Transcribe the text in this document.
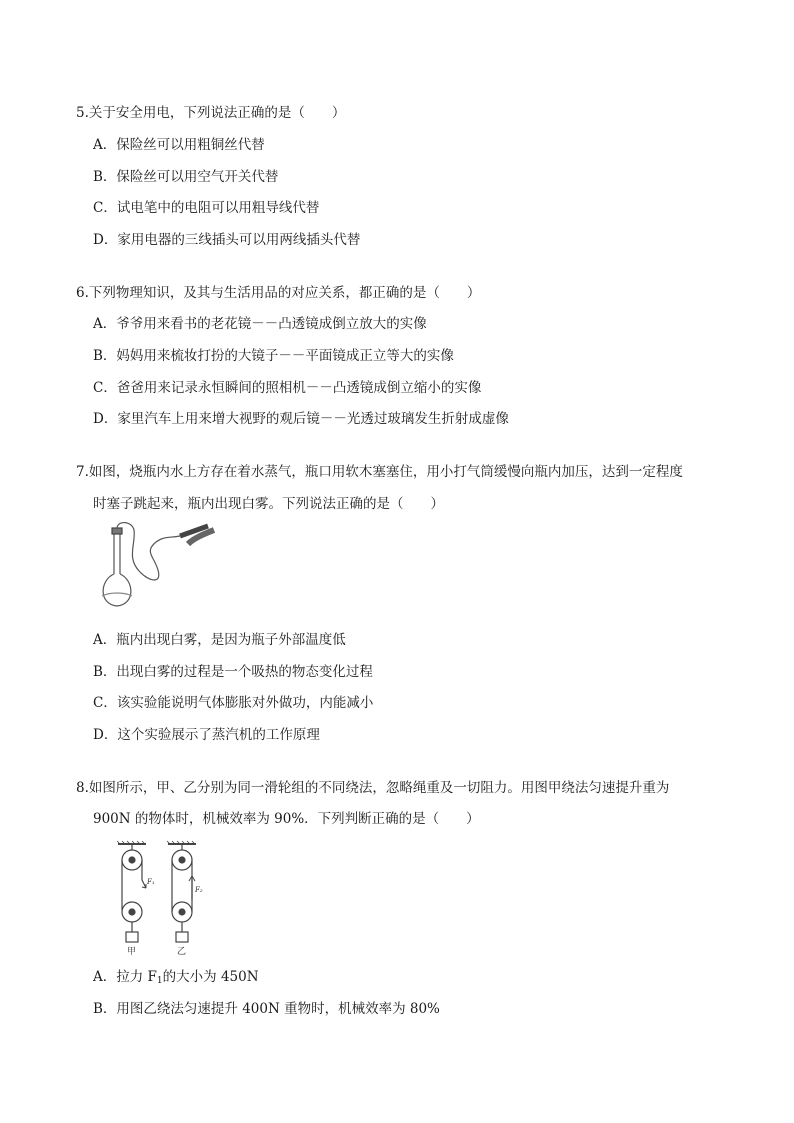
5.关于安全用电，下列说法正确的是（　　）
A．保险丝可以用粗铜丝代替
B．保险丝可以用空气开关代替
C．试电笔中的电阻可以用粗导线代替
D．家用电器的三线插头可以用两线插头代替
6.下列物理知识，及其与生活用品的对应关系，都正确的是（　　）
A．爷爷用来看书的老花镜－－凸透镜成倒立放大的实像
B．妈妈用来梳妆打扮的大镜子－－平面镜成正立等大的实像
C．爸爸用来记录永恒瞬间的照相机－－凸透镜成倒立缩小的实像
D．家里汽车上用来增大视野的观后镜－－光透过玻璃发生折射成虚像
7.如图，烧瓶内水上方存在着水蒸气，瓶口用软木塞塞住，用小打气筒缓慢向瓶内加压，达到一定程度
时塞子跳起来，瓶内出现白雾。下列说法正确的是（　　）
A．瓶内出现白雾，是因为瓶子外部温度低
B．出现白雾的过程是一个吸热的物态变化过程
C．该实验能说明气体膨胀对外做功，内能减小
D．这个实验展示了蒸汽机的工作原理
8.如图所示，甲、乙分别为同一滑轮组的不同绕法，忽略绳重及一切阻力。用图甲绕法匀速提升重为
900N 的物体时，机械效率为 90%．下列判断正确的是（　　）
F₁
F₂
甲	乙
A．拉力 $F_1$的大小为 450N
B．用图乙绕法匀速提升 400N 重物时，机械效率为 80%
